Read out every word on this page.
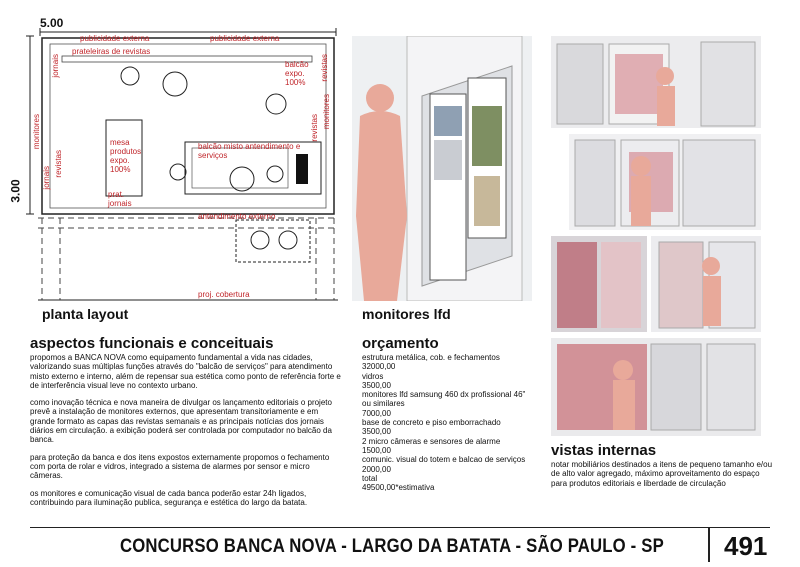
5.00
3.00
publicidade externa	publicidade externa
prateleiras de revistas
jornais	revistas
balcão expo. 100%
mesa produtos expo. 100%
balcão misto antendimento e serviços
monitores
revistas
jornais
prat. jornais
monitores
revistas
antendimento externo
proj. cobertura
planta layout	monitores lfd
aspectos funcionais e conceituais

propomos a BANCA NOVA como equipamento fundamental a vida nas cidades, valorizando suas múltiplas funções através do "balcão de serviços" para atendimento misto externo e interno, além de repensar sua estética como ponto de referência forte e de interferência visual leve no contexto urbano.

como inovação técnica e nova maneira de divulgar os lançamento editoriais o projeto prevê a instalação de monitores externos, que apresentam transitoriamente e em grande formato as capas das revistas semanais e as principais notícias dos jornais diários em circulação. a exibição poderá ser controlada por computador no balcão da banca.

para proteção da banca e dos itens expostos externamente propomos o fechamento com porta de rolar e vidros, integrado a sistema de alarmes por sensor e micro câmeras.

os monitores e comunicação visual de cada banca poderão estar 24h ligados, contribuindo para iluminação publica, segurança e estética do largo da batata.

orçamento
estrutura metálica, cob. e fechamentos
32000,00
vidros
3500,00
monitores lfd samsung 460 dx profissional 46"
ou similares
7000,00
base de concreto e piso emborrachado
3500,00
2 micro câmeras e sensores de alarme
1500,00
comunic. visual do totem e balcao de serviços
2000,00
total
49500,00*estimativa
vistas internas
notar mobiliários destinados a itens de pequeno tamanho e/ou de alto valor agregado, máximo aproveitamento do espaço para produtos editoriais e liberdade de circulação
CONCURSO BANCA NOVA - LARGO DA BATATA - SÃO PAULO - SP 491
